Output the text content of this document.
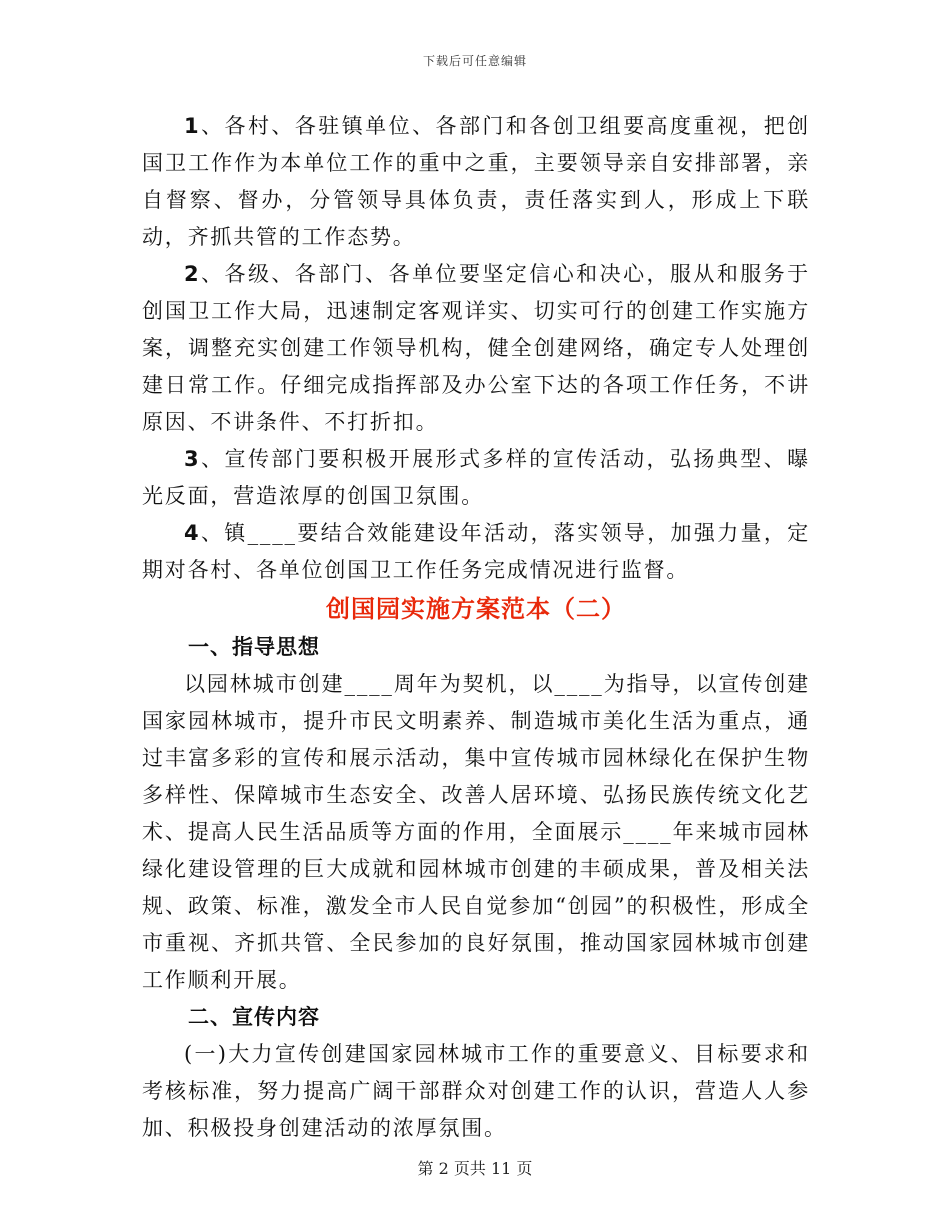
下载后可任意编辑

1、各村、各驻镇单位、各部门和各创卫组要高度重视，把创国卫工作作为本单位工作的重中之重，主要领导亲自安排部署，亲自督察、督办，分管领导具体负责，责任落实到人，形成上下联动，齐抓共管的工作态势。

2、各级、各部门、各单位要坚定信心和决心，服从和服务于创国卫工作大局，迅速制定客观详实、切实可行的创建工作实施方案，调整充实创建工作领导机构，健全创建网络，确定专人处理创建日常工作。仔细完成指挥部及办公室下达的各项工作任务，不讲原因、不讲条件、不打折扣。

3、宣传部门要积极开展形式多样的宣传活动，弘扬典型、曝光反面，营造浓厚的创国卫氛围。

4、镇____要结合效能建设年活动，落实领导，加强力量，定期对各村、各单位创国卫工作任务完成情况进行监督。

创国园实施方案范本（二）
一、指导思想

以园林城市创建____周年为契机，以____为指导，以宣传创建国家园林城市，提升市民文明素养、制造城市美化生活为重点，通过丰富多彩的宣传和展示活动，集中宣传城市园林绿化在保护生物多样性、保障城市生态安全、改善人居环境、弘扬民族传统文化艺术、提高人民生活品质等方面的作用，全面展示____年来城市园林绿化建设管理的巨大成就和园林城市创建的丰硕成果，普及相关法规、政策、标准，激发全市人民自觉参加“创园”的积极性，形成全市重视、齐抓共管、全民参加的良好氛围，推动国家园林城市创建工作顺利开展。

二、宣传内容

(一)大力宣传创建国家园林城市工作的重要意义、目标要求和考核标准，努力提高广阔干部群众对创建工作的认识，营造人人参加、积极投身创建活动的浓厚氛围。

第 2 页共 11 页
